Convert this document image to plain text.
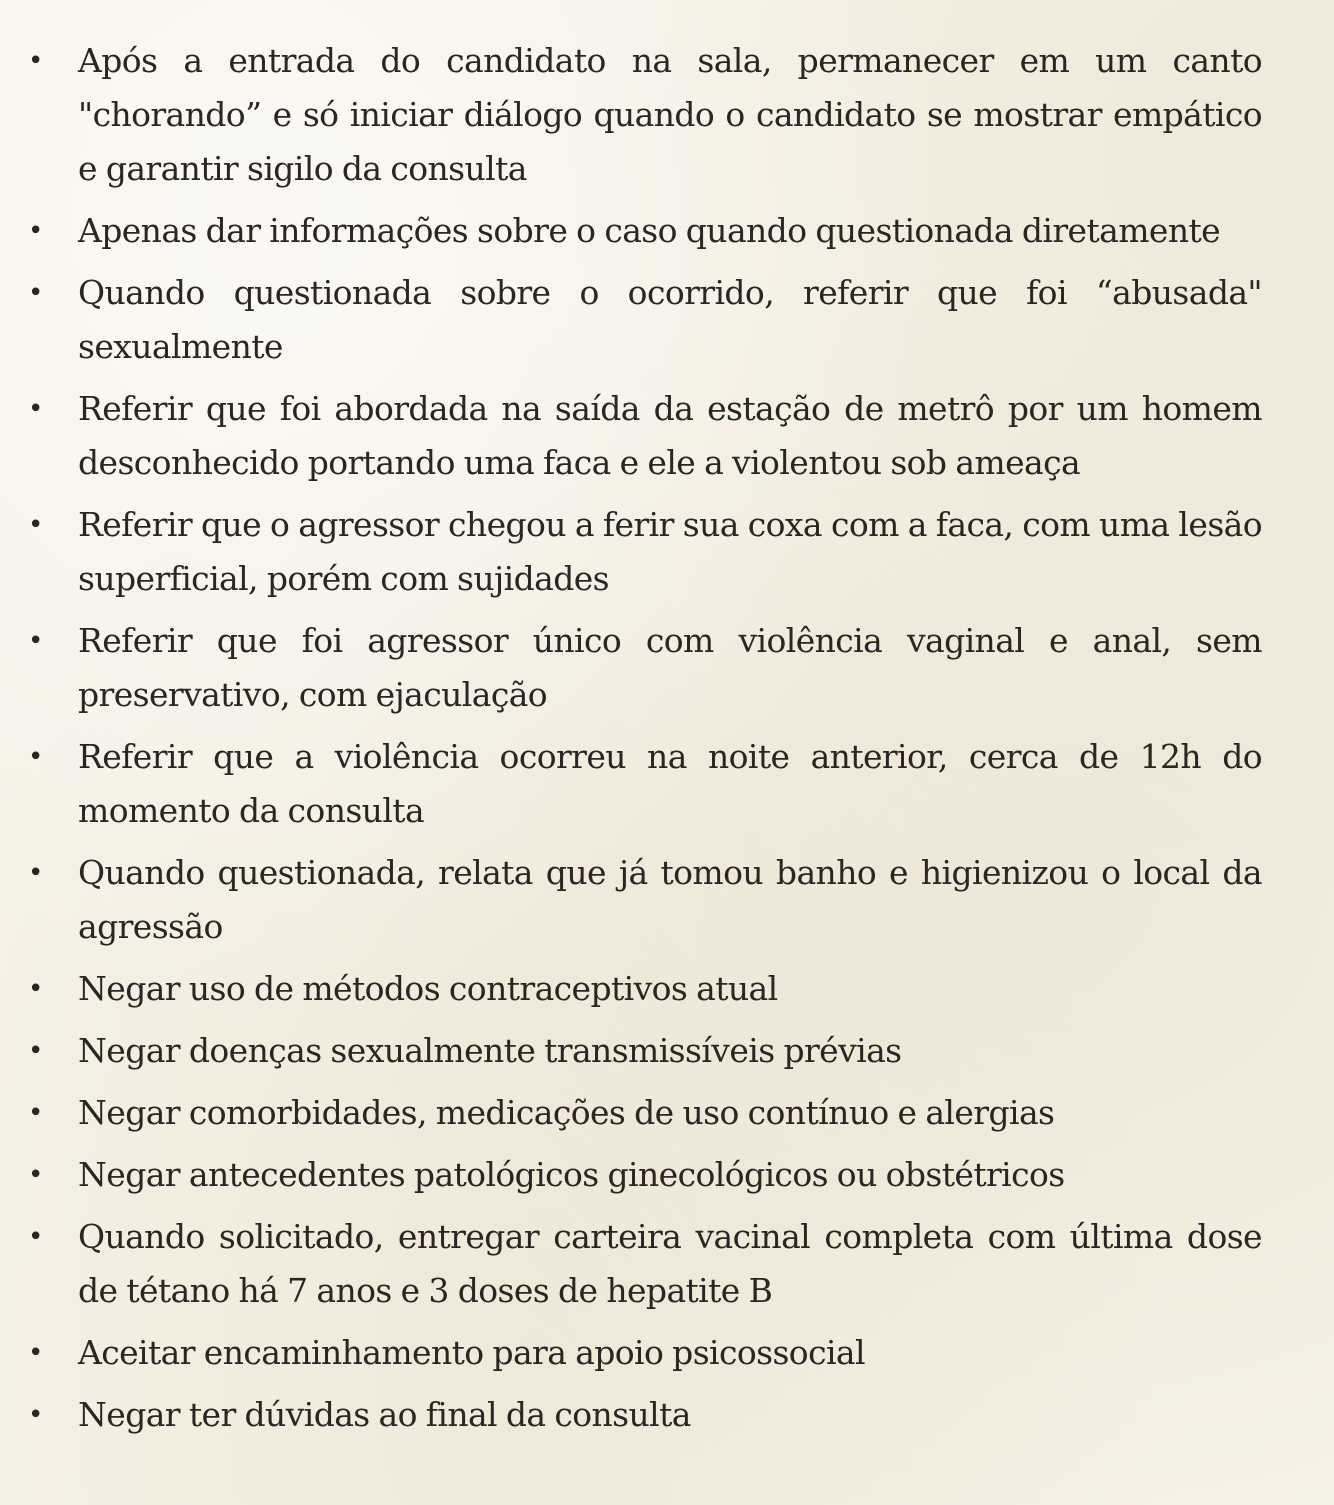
•	Após a entrada do candidato na sala, permanecer em um canto "chorando” e só iniciar diálogo quando o candidato se mostrar empático e garantir sigilo da consulta
•	Apenas dar informações sobre o caso quando questionada diretamente
•	Quando questionada sobre o ocorrido, referir que foi “abusada" sexualmente
•	Referir que foi abordada na saída da estação de metrô por um homem desconhecido portando uma faca e ele a violentou sob ameaça
•	Referir que o agressor chegou a ferir sua coxa com a faca, com uma lesão superficial, porém com sujidades
•	Referir que foi agressor único com violência vaginal e anal, sem preservativo, com ejaculação
•	Referir que a violência ocorreu na noite anterior, cerca de 12h do momento da consulta
•	Quando questionada, relata que já tomou banho e higienizou o local da agressão
•	Negar uso de métodos contraceptivos atual
•	Negar doenças sexualmente transmissíveis prévias
•	Negar comorbidades, medicações de uso contínuo e alergias
•	Negar antecedentes patológicos ginecológicos ou obstétricos
•	Quando solicitado, entregar carteira vacinal completa com última dose de tétano há 7 anos e 3 doses de hepatite B
•	Aceitar encaminhamento para apoio psicossocial
•	Negar ter dúvidas ao final da consulta
